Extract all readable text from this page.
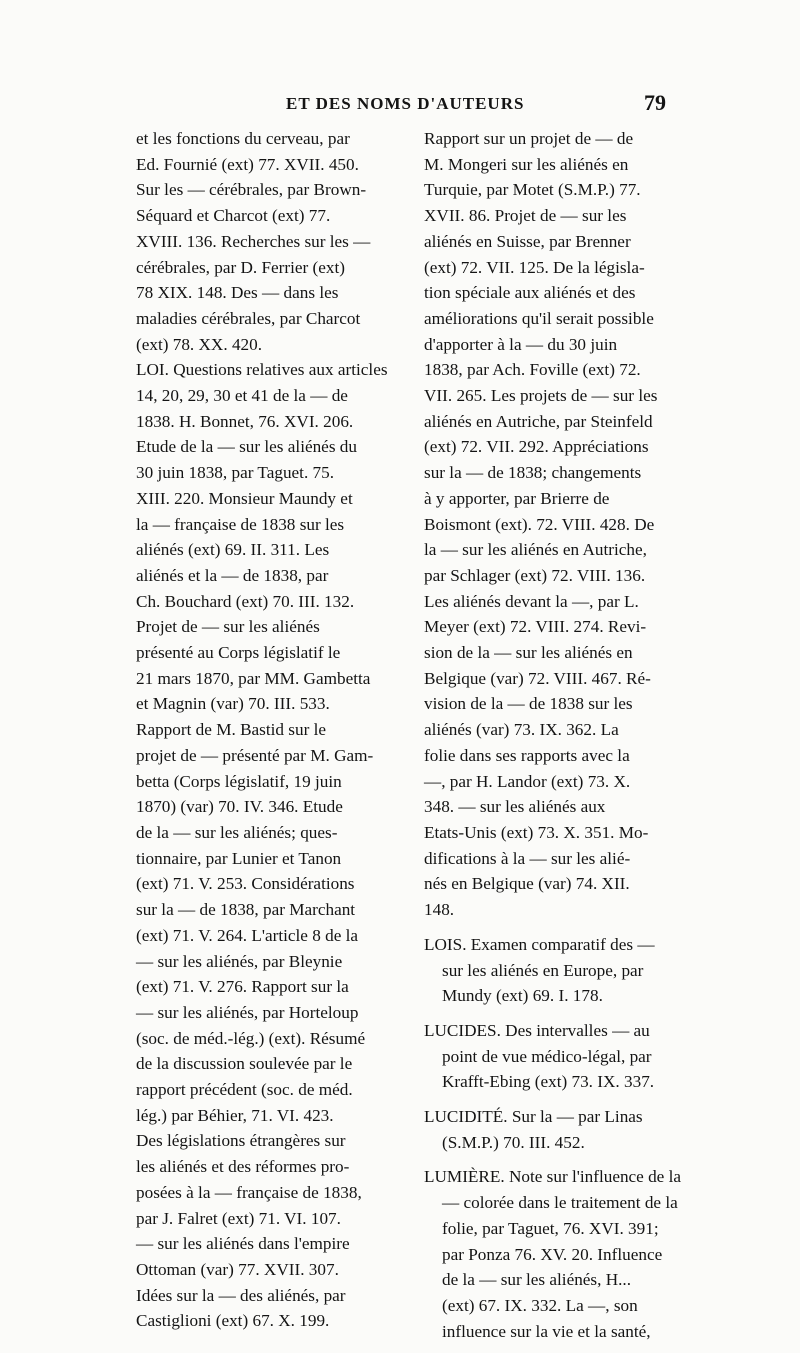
ET DES NOMS D'AUTEURS	79
et les fonctions du cerveau, par
Ed. Fournié (ext) 77. XVII. 450.
Sur les — cérébrales, par Brown-
Séquard et Charcot (ext) 77.
XVIII. 136. Recherches sur les —
cérébrales, par D. Ferrier (ext)
78 XIX. 148. Des — dans les
maladies cérébrales, par Charcot
(ext) 78. XX. 420.
LOI. Questions relatives aux articles
14, 20, 29, 30 et 41 de la — de
1838. H. Bonnet, 76. XVI. 206.
Etude de la — sur les aliénés du
30 juin 1838, par Taguet. 75.
XIII. 220. Monsieur Maundy et
la — française de 1838 sur les
aliénés (ext) 69. II. 311. Les
aliénés et la — de 1838, par
Ch. Bouchard (ext) 70. III. 132.
Projet de — sur les aliénés
présenté au Corps législatif le
21 mars 1870, par MM. Gambetta
et Magnin (var) 70. III. 533.
Rapport de M. Bastid sur le
projet de — présenté par M. Gam-
betta (Corps législatif, 19 juin
1870) (var) 70. IV. 346. Etude
de la — sur les aliénés; ques-
tionnaire, par Lunier et Tanon
(ext) 71. V. 253. Considérations
sur la — de 1838, par Marchant
(ext) 71. V. 264. L'article 8 de la
— sur les aliénés, par Bleynie
(ext) 71. V. 276. Rapport sur la
— sur les aliénés, par Horteloup
(soc. de méd.-lég.) (ext). Résumé
de la discussion soulevée par le
rapport précédent (soc. de méd.
lég.) par Béhier, 71. VI. 423.
Des législations étrangères sur
les aliénés et des réformes pro-
posées à la — française de 1838,
par J. Falret (ext) 71. VI. 107.
— sur les aliénés dans l'empire
Ottoman (var) 77. XVII. 307.
Idées sur la — des aliénés, par
Castiglioni (ext) 67. X. 199.
Rapport sur un projet de — de
M. Mongeri sur les aliénés en
Turquie, par Motet (S.M.P.) 77.
XVII. 86. Projet de — sur les
aliénés en Suisse, par Brenner
(ext) 72. VII. 125. De la législa-
tion spéciale aux aliénés et des
améliorations qu'il serait possible
d'apporter à la — du 30 juin
1838, par Ach. Foville (ext) 72.
VII. 265. Les projets de — sur les
aliénés en Autriche, par Steinfeld
(ext) 72. VII. 292. Appréciations
sur la — de 1838; changements
à y apporter, par Brierre de
Boismont (ext). 72. VIII. 428. De
la — sur les aliénés en Autriche,
par Schlager (ext) 72. VIII. 136.
Les aliénés devant la —, par L.
Meyer (ext) 72. VIII. 274. Revi-
sion de la — sur les aliénés en
Belgique (var) 72. VIII. 467. Ré-
vision de la — de 1838 sur les
aliénés (var) 73. IX. 362. La
folie dans ses rapports avec la
—, par H. Landor (ext) 73. X.
348. — sur les aliénés aux
Etats-Unis (ext) 73. X. 351. Mo-
difications à la — sur les alié-
nés en Belgique (var) 74. XII.
148.
LOIS. Examen comparatif des —
sur les aliénés en Europe, par
Mundy (ext) 69. I. 178.
LUCIDES. Des intervalles — au
point de vue médico-légal, par
Krafft-Ebing (ext) 73. IX. 337.
LUCIDITÉ. Sur la — par Linas
(S.M.P.) 70. III. 452.
LUMIÈRE. Note sur l'influence de la
— colorée dans le traitement de la
folie, par Taguet, 76. XVI. 391;
par Ponza 76. XV. 20. Influence
de la — sur les aliénés, H...
(ext) 67. IX. 332. La —, son
influence sur la vie et la santé,
